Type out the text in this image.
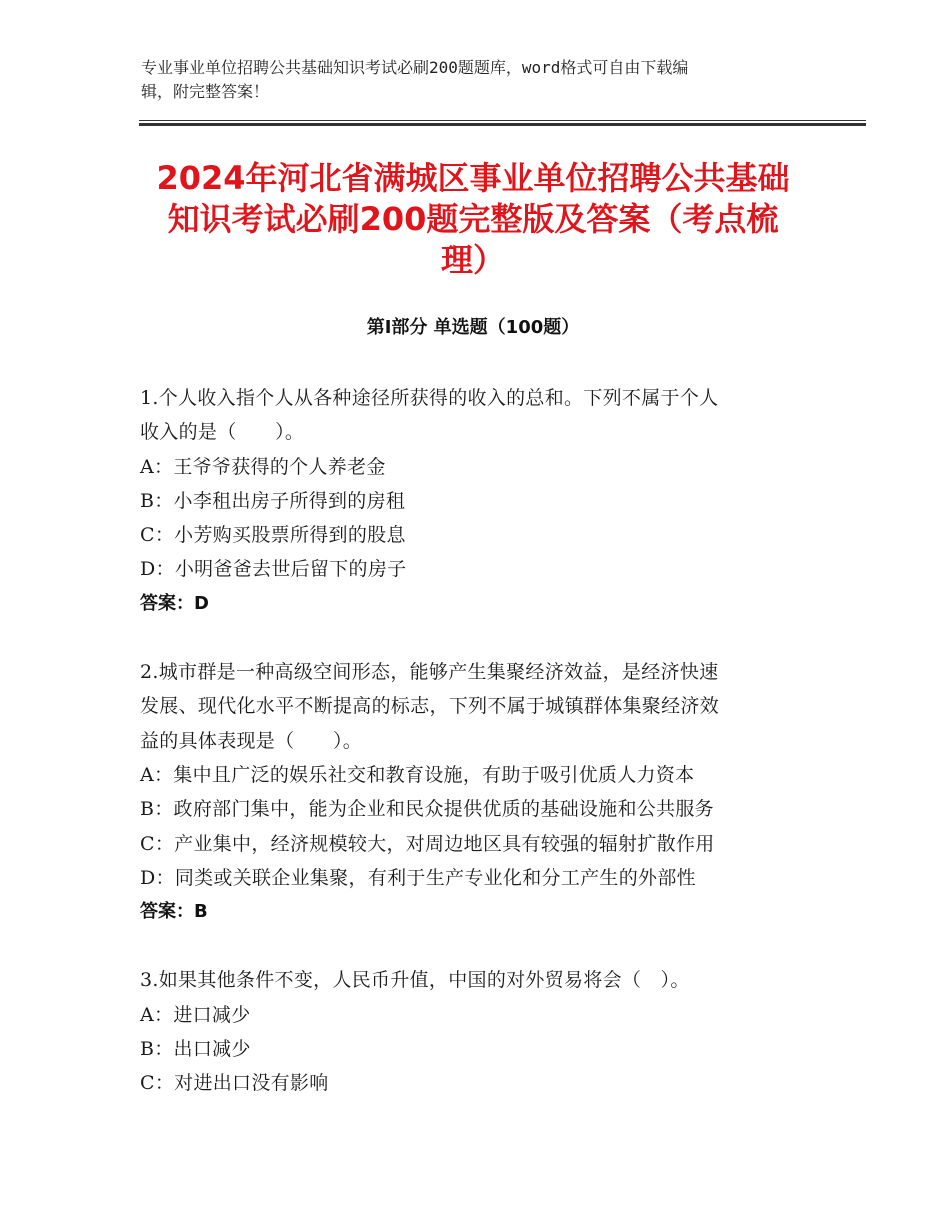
专业事业单位招聘公共基础知识考试必刷200题题库，word格式可自由下载编
辑，附完整答案！
2024年河北省满城区事业单位招聘公共基础
知识考试必刷200题完整版及答案（考点梳
理）
第Ⅰ部分 单选题（100题）
1.个人收入指个人从各种途径所获得的收入的总和。下列不属于个人
收入的是（　　）。
A：王爷爷获得的个人养老金
B：小李租出房子所得到的房租
C：小芳购买股票所得到的股息
D：小明爸爸去世后留下的房子
答案：D
2.城市群是一种高级空间形态，能够产生集聚经济效益，是经济快速
发展、现代化水平不断提高的标志，下列不属于城镇群体集聚经济效
益的具体表现是（　　）。
A：集中且广泛的娱乐社交和教育设施，有助于吸引优质人力资本
B：政府部门集中，能为企业和民众提供优质的基础设施和公共服务
C：产业集中，经济规模较大，对周边地区具有较强的辐射扩散作用
D：同类或关联企业集聚，有利于生产专业化和分工产生的外部性
答案：B
3.如果其他条件不变，人民币升值，中国的对外贸易将会（　）。
A：进口减少
B：出口减少
C：对进出口没有影响
